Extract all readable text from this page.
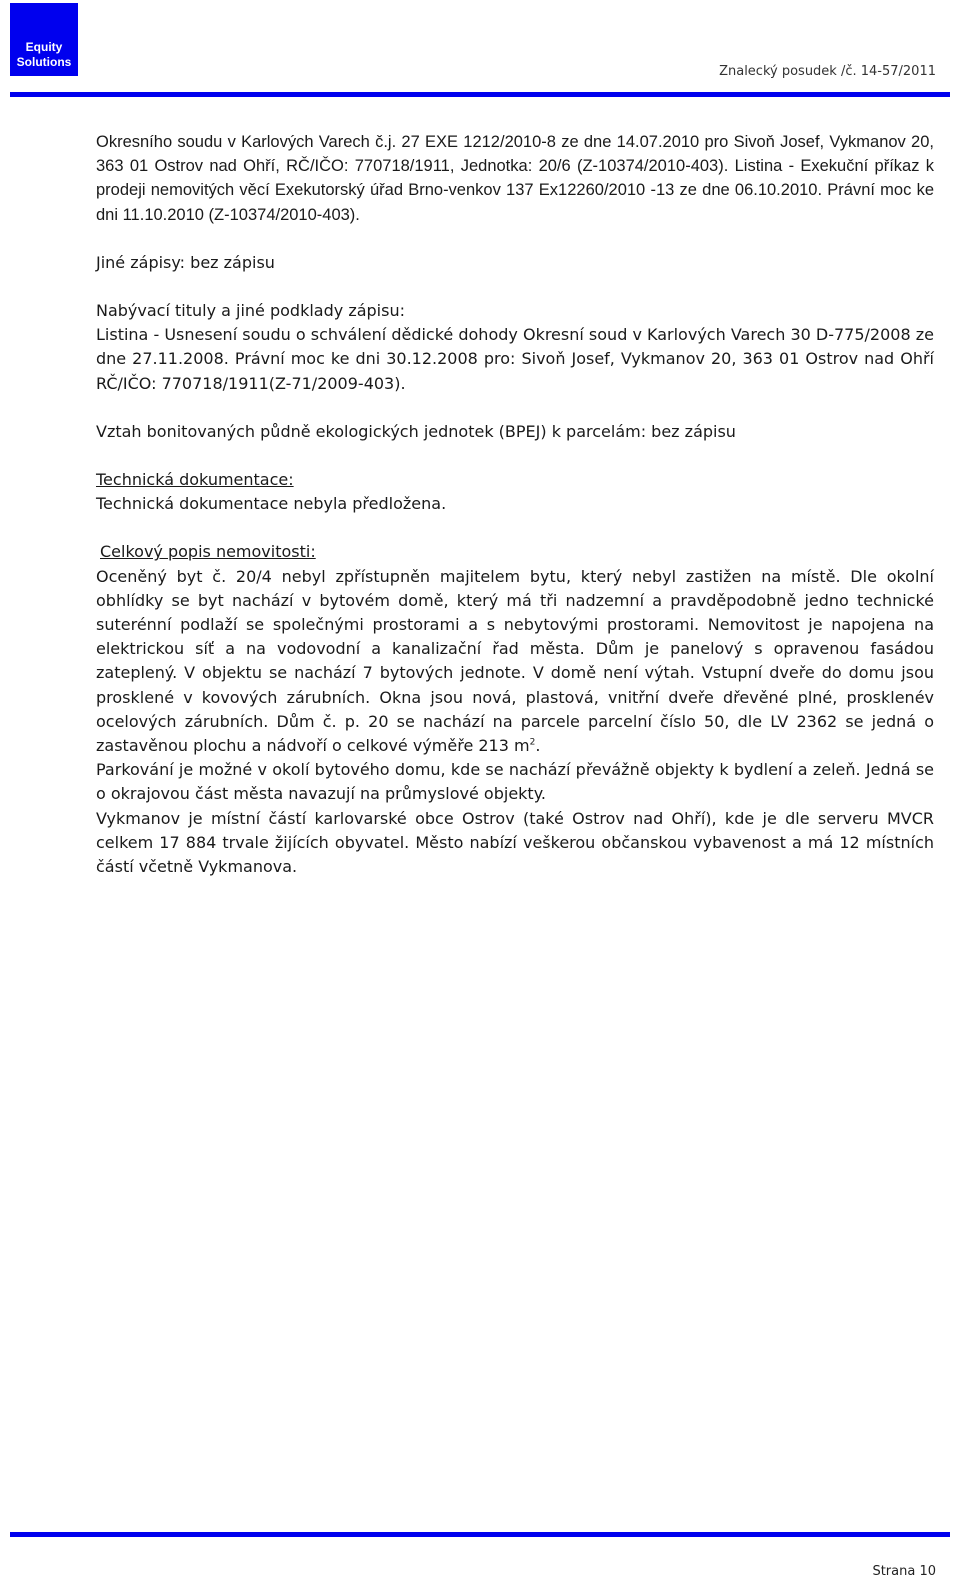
Equity
Solutions
Znalecký posudek /č. 14-57/2011

Okresního soudu v Karlových Varech č.j. 27 EXE 1212/2010-8 ze dne 14.07.2010 pro Sivoň Josef, Vykmanov 20, 363 01 Ostrov nad Ohří, RČ/IČO: 770718/1911, Jednotka: 20/6 (Z-10374/2010-403). Listina - Exekuční příkaz k prodeji nemovitých věcí Exekutorský úřad Brno-venkov 137 Ex12260/2010 -13 ze dne 06.10.2010. Právní moc ke dni 11.10.2010 (Z-10374/2010-403).

Jiné zápisy: bez zápisu

Nabývací tituly a jiné podklady zápisu:

Listina - Usnesení soudu o schválení dědické dohody Okresní soud v Karlových Varech 30 D-775/2008 ze dne 27.11.2008. Právní moc ke dni 30.12.2008 pro: Sivoň Josef, Vykmanov 20, 363 01 Ostrov nad Ohří RČ/IČO: 770718/1911(Z-71/2009-403).

Vztah bonitovaných půdně ekologických jednotek (BPEJ) k parcelám: bez zápisu

Technická dokumentace:

Technická dokumentace nebyla předložena.

Celkový popis nemovitosti:

Oceněný byt č. 20/4 nebyl zpřístupněn majitelem bytu, který nebyl zastižen na místě. Dle okolní obhlídky se byt nachází v bytovém domě, který má tři nadzemní a pravděpodobně jedno technické suterénní podlaží se společnými prostorami a s nebytovými prostorami. Nemovitost je napojena na elektrickou síť a na vodovodní a kanalizační řad města. Dům je panelový s opravenou fasádou zateplený. V objektu se nachází 7 bytových jednote. V domě není výtah. Vstupní dveře do domu jsou prosklené v kovových zárubních. Okna jsou nová, plastová, vnitřní dveře dřevěné plné, prosklenév ocelových zárubních. Dům č. p. 20 se nachází na parcele parcelní číslo 50, dle LV 2362 se jedná o zastavěnou plochu a nádvoří o celkové výměře 213 $m^2$.

Parkování je možné v okolí bytového domu, kde se nachází převážně objekty k bydlení a zeleň. Jedná se o okrajovou část města navazují na průmyslové objekty.

Vykmanov je místní částí karlovarské obce Ostrov (také Ostrov nad Ohří), kde je dle serveru MVCR celkem 17 884 trvale žijících obyvatel. Město nabízí veškerou občanskou vybavenost a má 12 místních částí včetně Vykmanova.

Strana 10
